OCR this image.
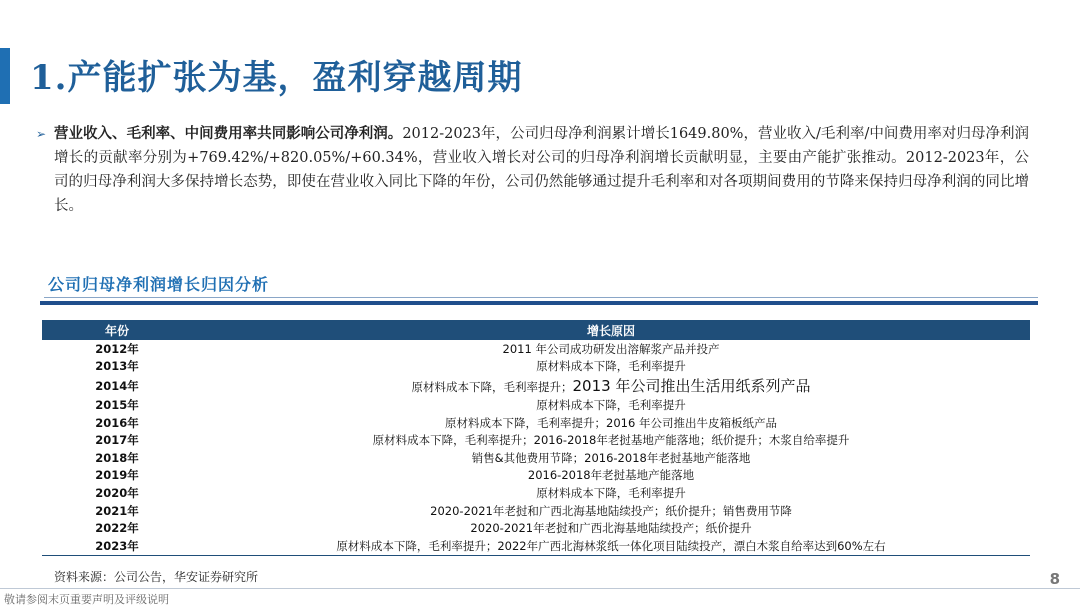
1.产能扩张为基，盈利穿越周期
➢ 营业收入、毛利率、中间费用率共同影响公司净利润。2012-2023年，公司归母净利润累计增长1649.80%，营业收入/毛利率/中间费用率对归母净利润增长的贡献率分别为+769.42%/+820.05%/+60.34%，营业收入增长对公司的归母净利润增长贡献明显，主要由产能扩张推动。2012-2023年，公司的归母净利润大多保持增长态势，即使在营业收入同比下降的年份，公司仍然能够通过提升毛利率和对各项期间费用的节降来保持归母净利润的同比增长。
公司归母净利润增长归因分析
年份	增长原因
2012年	2011 年公司成功研发出溶解浆产品并投产
2013年	原材料成本下降，毛利率提升
2014年	原材料成本下降，毛利率提升；2013 年公司推出生活用纸系列产品
2015年	原材料成本下降，毛利率提升
2016年	原材料成本下降，毛利率提升；2016 年公司推出牛皮箱板纸产品
2017年	原材料成本下降，毛利率提升；2016-2018年老挝基地产能落地；纸价提升；木浆自给率提升
2018年	销售&其他费用节降；2016-2018年老挝基地产能落地
2019年	2016-2018年老挝基地产能落地
2020年	原材料成本下降，毛利率提升
2021年	2020-2021年老挝和广西北海基地陆续投产；纸价提升；销售费用节降
2022年	2020-2021年老挝和广西北海基地陆续投产；纸价提升
2023年	原材料成本下降，毛利率提升；2022年广西北海林浆纸一体化项目陆续投产，漂白木浆自给率达到60%左右
资料来源：公司公告，华安证券研究所	8
敬请参阅末页重要声明及评级说明
